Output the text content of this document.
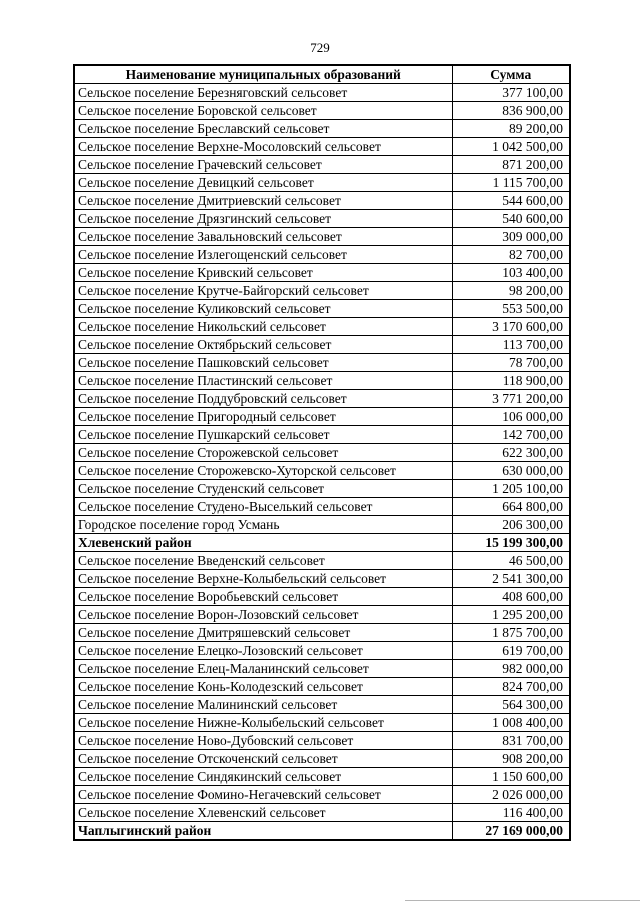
729
Наименование муниципальных образований	Сумма
Сельское поселение Березняговский сельсовет	377 100,00
Сельское поселение Боровской сельсовет	836 900,00
Сельское поселение Бреславский сельсовет	89 200,00
Сельское поселение Верхне-Мосоловский сельсовет	1 042 500,00
Сельское поселение Грачевский сельсовет	871 200,00
Сельское поселение Девицкий сельсовет	1 115 700,00
Сельское поселение Дмитриевский сельсовет	544 600,00
Сельское поселение Дрязгинский сельсовет	540 600,00
Сельское поселение Завальновский сельсовет	309 000,00
Сельское поселение Излегощенский сельсовет	82 700,00
Сельское поселение Кривский сельсовет	103 400,00
Сельское поселение Крутче-Байгорский сельсовет	98 200,00
Сельское поселение Куликовский сельсовет	553 500,00
Сельское поселение Никольский сельсовет	3 170 600,00
Сельское поселение Октябрьский сельсовет	113 700,00
Сельское поселение Пашковский сельсовет	78 700,00
Сельское поселение Пластинский сельсовет	118 900,00
Сельское поселение Поддубровский сельсовет	3 771 200,00
Сельское поселение Пригородный сельсовет	106 000,00
Сельское поселение Пушкарский сельсовет	142 700,00
Сельское поселение Сторожевской сельсовет	622 300,00
Сельское поселение Сторожевско-Хуторской сельсовет	630 000,00
Сельское поселение Студенский сельсовет	1 205 100,00
Сельское поселение Студено-Выселький сельсовет	664 800,00
Городское поселение город Усмань	206 300,00
Хлевенский район	15 199 300,00
Сельское поселение Введенский сельсовет	46 500,00
Сельское поселение Верхне-Колыбельский сельсовет	2 541 300,00
Сельское поселение Воробьевский сельсовет	408 600,00
Сельское поселение Ворон-Лозовский сельсовет	1 295 200,00
Сельское поселение Дмитряшевский сельсовет	1 875 700,00
Сельское поселение Елецко-Лозовский сельсовет	619 700,00
Сельское поселение Елец-Маланинский сельсовет	982 000,00
Сельское поселение Конь-Колодезский сельсовет	824 700,00
Сельское поселение Малининский сельсовет	564 300,00
Сельское поселение Нижне-Колыбельский сельсовет	1 008 400,00
Сельское поселение Ново-Дубовский сельсовет	831 700,00
Сельское поселение Отскоченский сельсовет	908 200,00
Сельское поселение Синдякинский сельсовет	1 150 600,00
Сельское поселение Фомино-Негачевский сельсовет	2 026 000,00
Сельское поселение Хлевенский сельсовет	116 400,00
Чаплыгинский район	27 169 000,00
